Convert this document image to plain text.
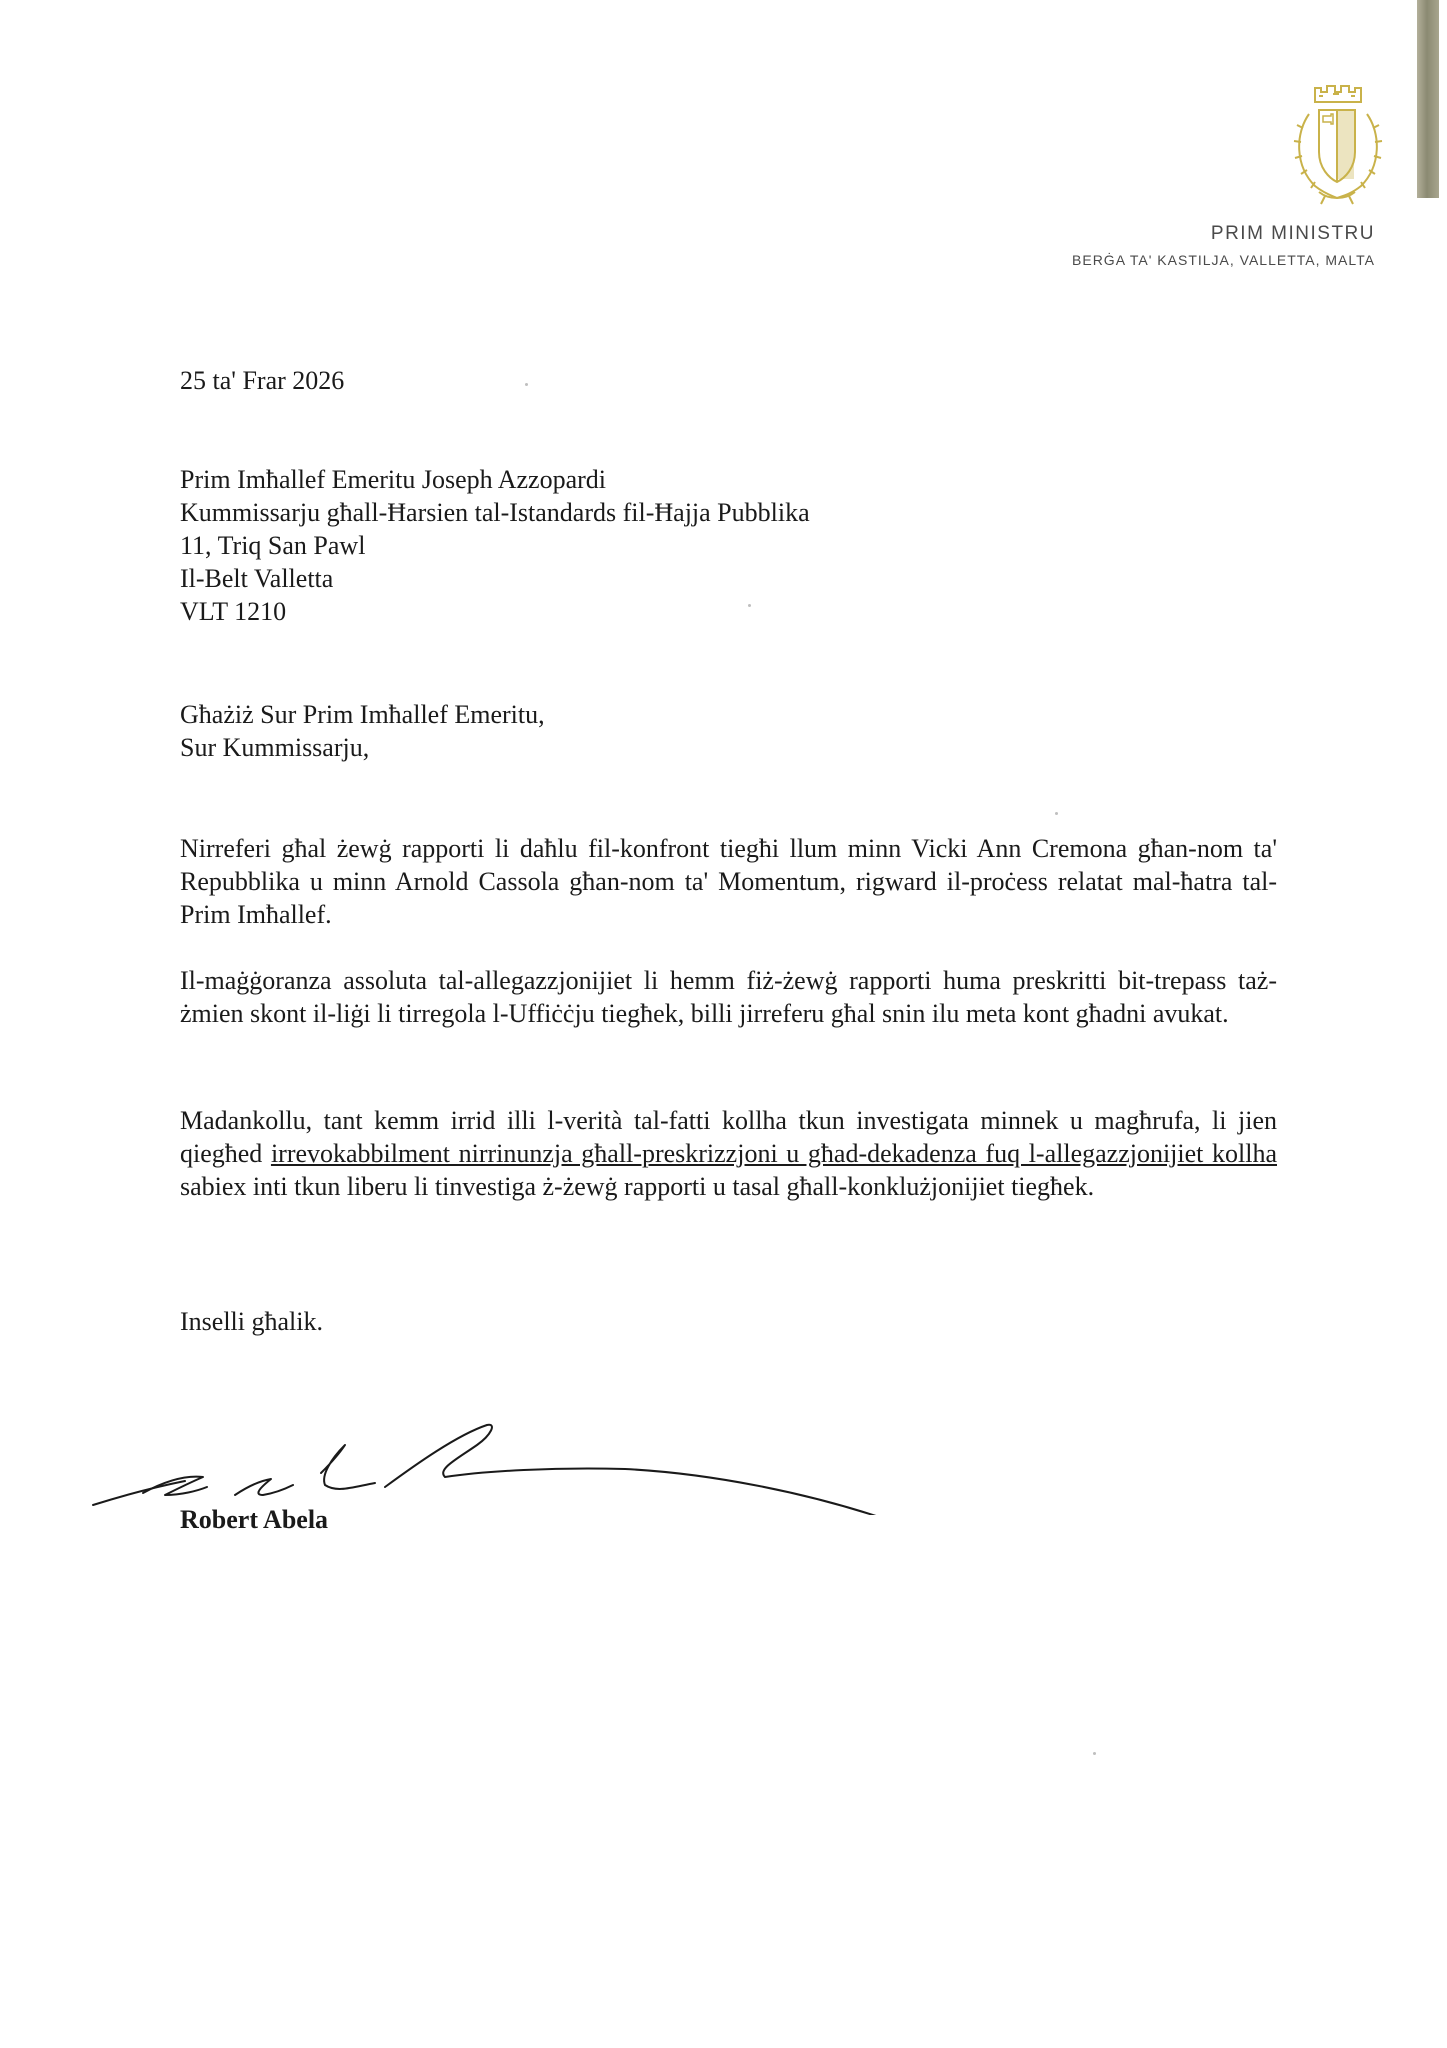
PRIM MINISTRU
BERĠA TA' KASTILJA, VALLETTA, MALTA
25 ta' Frar 2026
Prim Imħallef Emeritu Joseph Azzopardi
Kummissarju għall-Ħarsien tal-Istandards fil-Ħajja Pubblika
11, Triq San Pawl
Il-Belt Valletta
VLT 1210
Għażiż Sur Prim Imħallef Emeritu,
Sur Kummissarju,

Nirreferi għal żewġ rapporti li daħlu fil-konfront tiegħi llum minn Vicki Ann Cremona għan-nom ta' Repubblika u minn Arnold Cassola għan-nom ta' Momentum, rigward il-proċess relatat mal-ħatra tal-Prim Imħallef.

Il-maġġoranza assoluta tal-allegazzjonijiet li hemm fiż-żewġ rapporti huma preskritti bit-trepass taż-żmien skont il-liġi li tirregola l-Uffiċċju tiegħek, billi jirreferu għal snin ilu meta kont għadni avukat.

Madankollu, tant kemm irrid illi l-verità tal-fatti kollha tkun investigata minnek u magħrufa, li jien qiegħed irrevokabbilment nirrinunzja għall-preskrizzjoni u għad-dekadenza fuq l-allegazzjonijiet kollha sabiex inti tkun liberu li tinvestiga ż-żewġ rapporti u tasal għall-konklużjonijiet tiegħek.

Inselli għalik.
Robert Abela
